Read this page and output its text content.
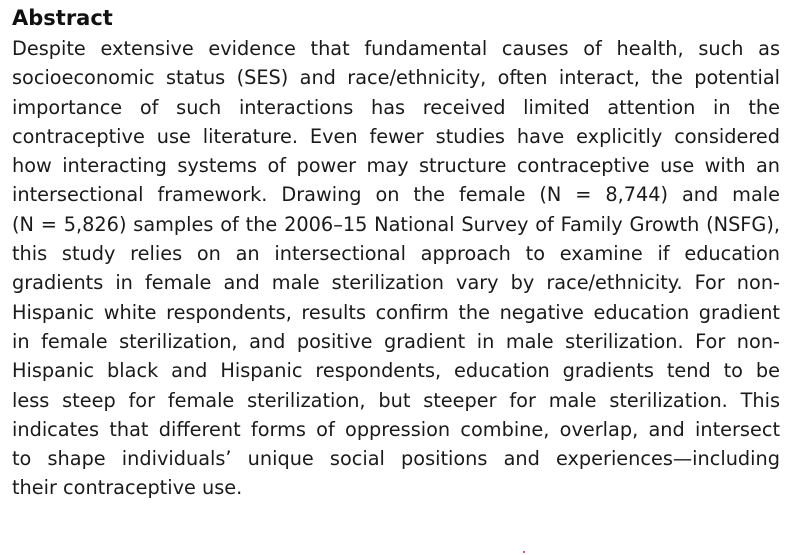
Abstract
Despite extensive evidence that fundamental causes of health, such as
socioeconomic status (SES) and race/ethnicity, often interact, the potential
importance of such interactions has received limited attention in the
contraceptive use literature. Even fewer studies have explicitly considered
how interacting systems of power may structure contraceptive use with an
intersectional framework. Drawing on the female (N = 8,744) and male
(N = 5,826) samples of the 2006–15 National Survey of Family Growth (NSFG),
this study relies on an intersectional approach to examine if education
gradients in female and male sterilization vary by race/ethnicity. For non-
Hispanic white respondents, results confirm the negative education gradient
in female sterilization, and positive gradient in male sterilization. For non-
Hispanic black and Hispanic respondents, education gradients tend to be
less steep for female sterilization, but steeper for male sterilization. This
indicates that different forms of oppression combine, overlap, and intersect
to shape individuals’ unique social positions and experiences—including
their contraceptive use.
